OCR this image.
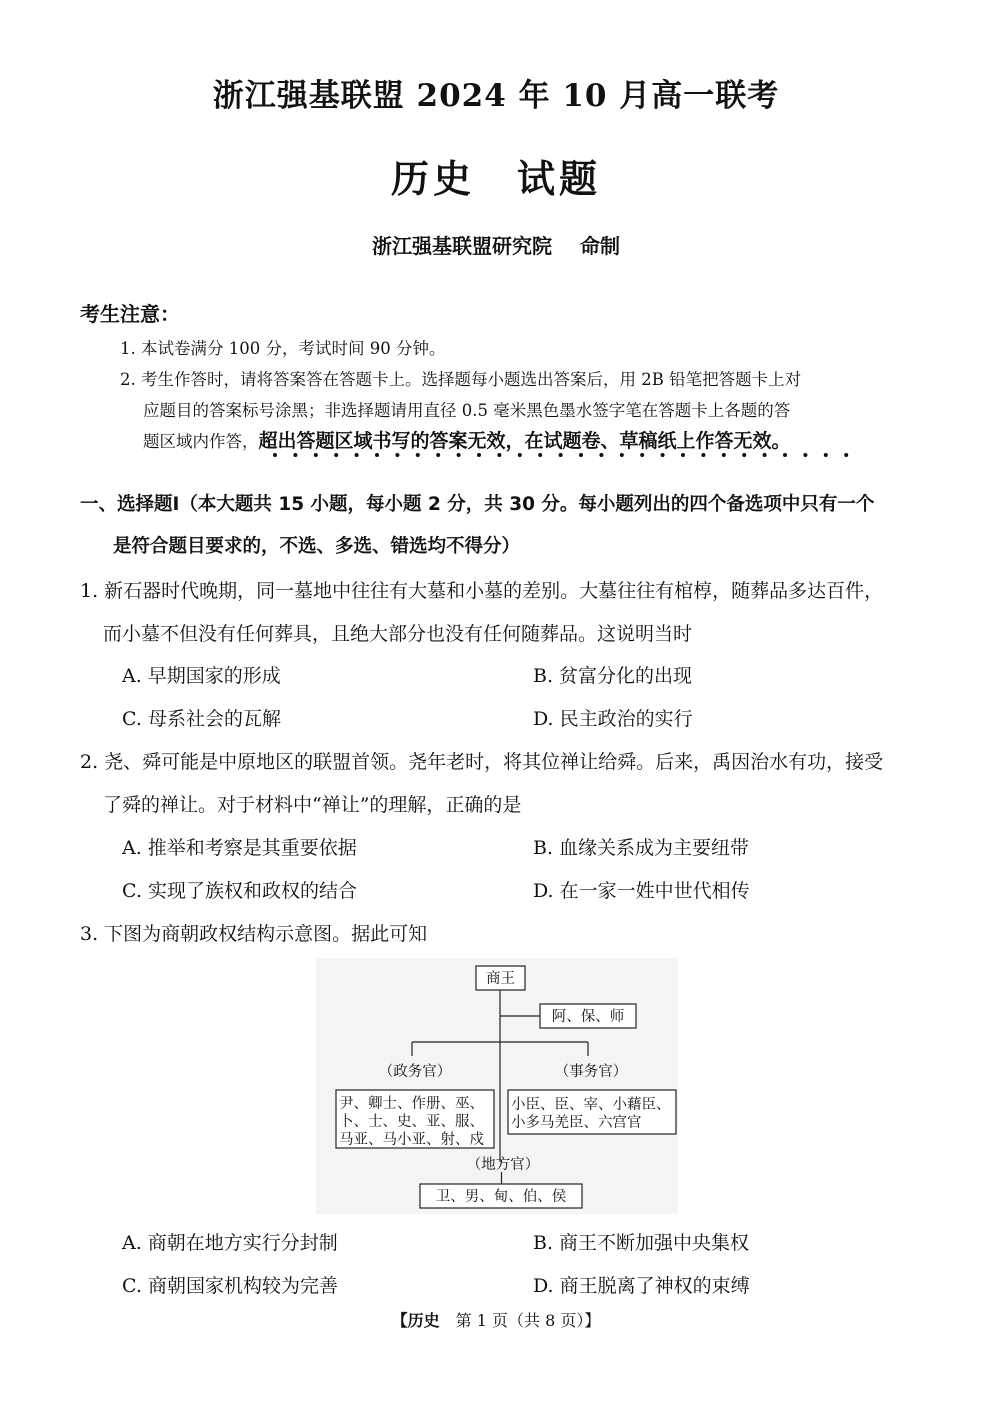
浙江强基联盟 2024 年 10 月高一联考
历史　试题
浙江强基联盟研究院 命制
考生注意：
1. 本试卷满分 100 分，考试时间 90 分钟。
2. 考生作答时，请将答案答在答题卡上。选择题每小题选出答案后，用 2B 铅笔把答题卡上对
应题目的答案标号涂黑；非选择题请用直径 0.5 毫米黑色墨水签字笔在答题卡上各题的答
题区域内作答，超出答题区域书写的答案无效，在试题卷、草稿纸上作答无效。
一、选择题Ⅰ（本大题共 15 小题，每小题 2 分，共 30 分。每小题列出的四个备选项中只有一个
是符合题目要求的，不选、多选、错选均不得分）
1. 新石器时代晚期，同一墓地中往往有大墓和小墓的差别。大墓往往有棺椁，随葬品多达百件，
而小墓不但没有任何葬具，且绝大部分也没有任何随葬品。这说明当时
A. 早期国家的形成	B. 贫富分化的出现
C. 母系社会的瓦解	D. 民主政治的实行
2. 尧、舜可能是中原地区的联盟首领。尧年老时，将其位禅让给舜。后来，禹因治水有功，接受
了舜的禅让。对于材料中“禅让”的理解，正确的是
A. 推举和考察是其重要依据	B. 血缘关系成为主要纽带
C. 实现了族权和政权的结合	D. 在一家一姓中世代相传
3. 下图为商朝政权结构示意图。据此可知
商王
阿、保、师
（政务官）	（事务官）
尹、卿士、作册、巫、
卜、士、史、亚、服、
马亚、马小亚、射、戍
小臣、臣、宰、小藉臣、
小多马羌臣、六宫官
（地方官）
卫、男、甸、伯、侯
A. 商朝在地方实行分封制	B. 商王不断加强中央集权
C. 商朝国家机构较为完善	D. 商王脱离了神权的束缚
【历史　 第 1 页（共 8 页）】
